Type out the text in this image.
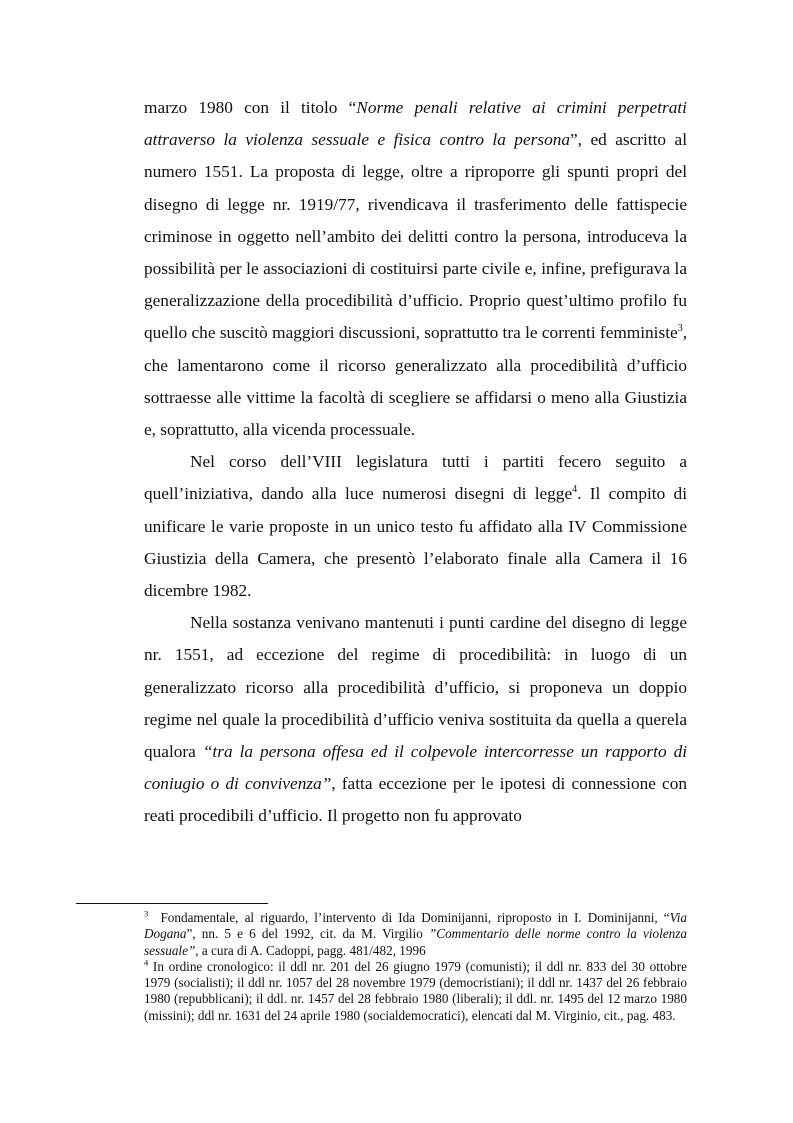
marzo 1980 con il titolo “Norme penali relative ai crimini perpetrati attraverso la violenza sessuale e fisica contro la persona”, ed ascritto al numero 1551. La proposta di legge, oltre a riproporre gli spunti propri del disegno di legge nr. 1919/77, rivendicava il trasferimento delle fattispecie criminose in oggetto nell’ambito dei delitti contro la persona, introduceva la possibilità per le associazioni di costituirsi parte civile e, infine, prefigurava la generalizzazione della procedibilità d’ufficio. Proprio quest’ultimo profilo fu quello che suscitò maggiori discussioni, soprattutto tra le correnti femministe$^3$, che lamentarono come il ricorso generalizzato alla procedibilità d’ufficio sottraesse alle vittime la facoltà di scegliere se affidarsi o meno alla Giustizia e, soprattutto, alla vicenda processuale.

Nel corso dell’VIII legislatura tutti i partiti fecero seguito a quell’iniziativa, dando alla luce numerosi disegni di legge$^4$. Il compito di unificare le varie proposte in un unico testo fu affidato alla IV Commissione Giustizia della Camera, che presentò l’elaborato finale alla Camera il 16 dicembre 1982.

Nella sostanza venivano mantenuti i punti cardine del disegno di legge nr. 1551, ad eccezione del regime di procedibilità: in luogo di un generalizzato ricorso alla procedibilità d’ufficio, si proponeva un doppio regime nel quale la procedibilità d’ufficio veniva sostituita da quella a querela qualora “tra la persona offesa ed il colpevole intercorresse un rapporto di coniugio o di convivenza”, fatta eccezione per le ipotesi di connessione con reati procedibili d’ufficio. Il progetto non fu approvato

$^3$  Fondamentale, al riguardo, l’intervento di Ida Dominijanni, riproposto in I. Dominijanni, “Via Dogana”, nn. 5 e 6 del 1992, cit. da M. Virgilio ”Commentario delle norme contro la violenza sessuale”, a cura di A. Cadoppi, pagg. 481/482, 1996

$^4$ In ordine cronologico: il ddl nr. 201 del 26 giugno 1979 (comunisti); il ddl nr. 833 del 30 ottobre 1979 (socialisti); il ddl nr. 1057 del 28 novembre 1979 (democristiani); il ddl nr. 1437 del 26 febbraio 1980 (repubblicani); il ddl. nr. 1457 del 28 febbraio 1980 (liberali); il ddl. nr. 1495 del 12 marzo 1980 (missini); ddl nr. 1631 del 24 aprile 1980 (socialdemocratici), elencati dal M. Virginio, cit., pag. 483.
